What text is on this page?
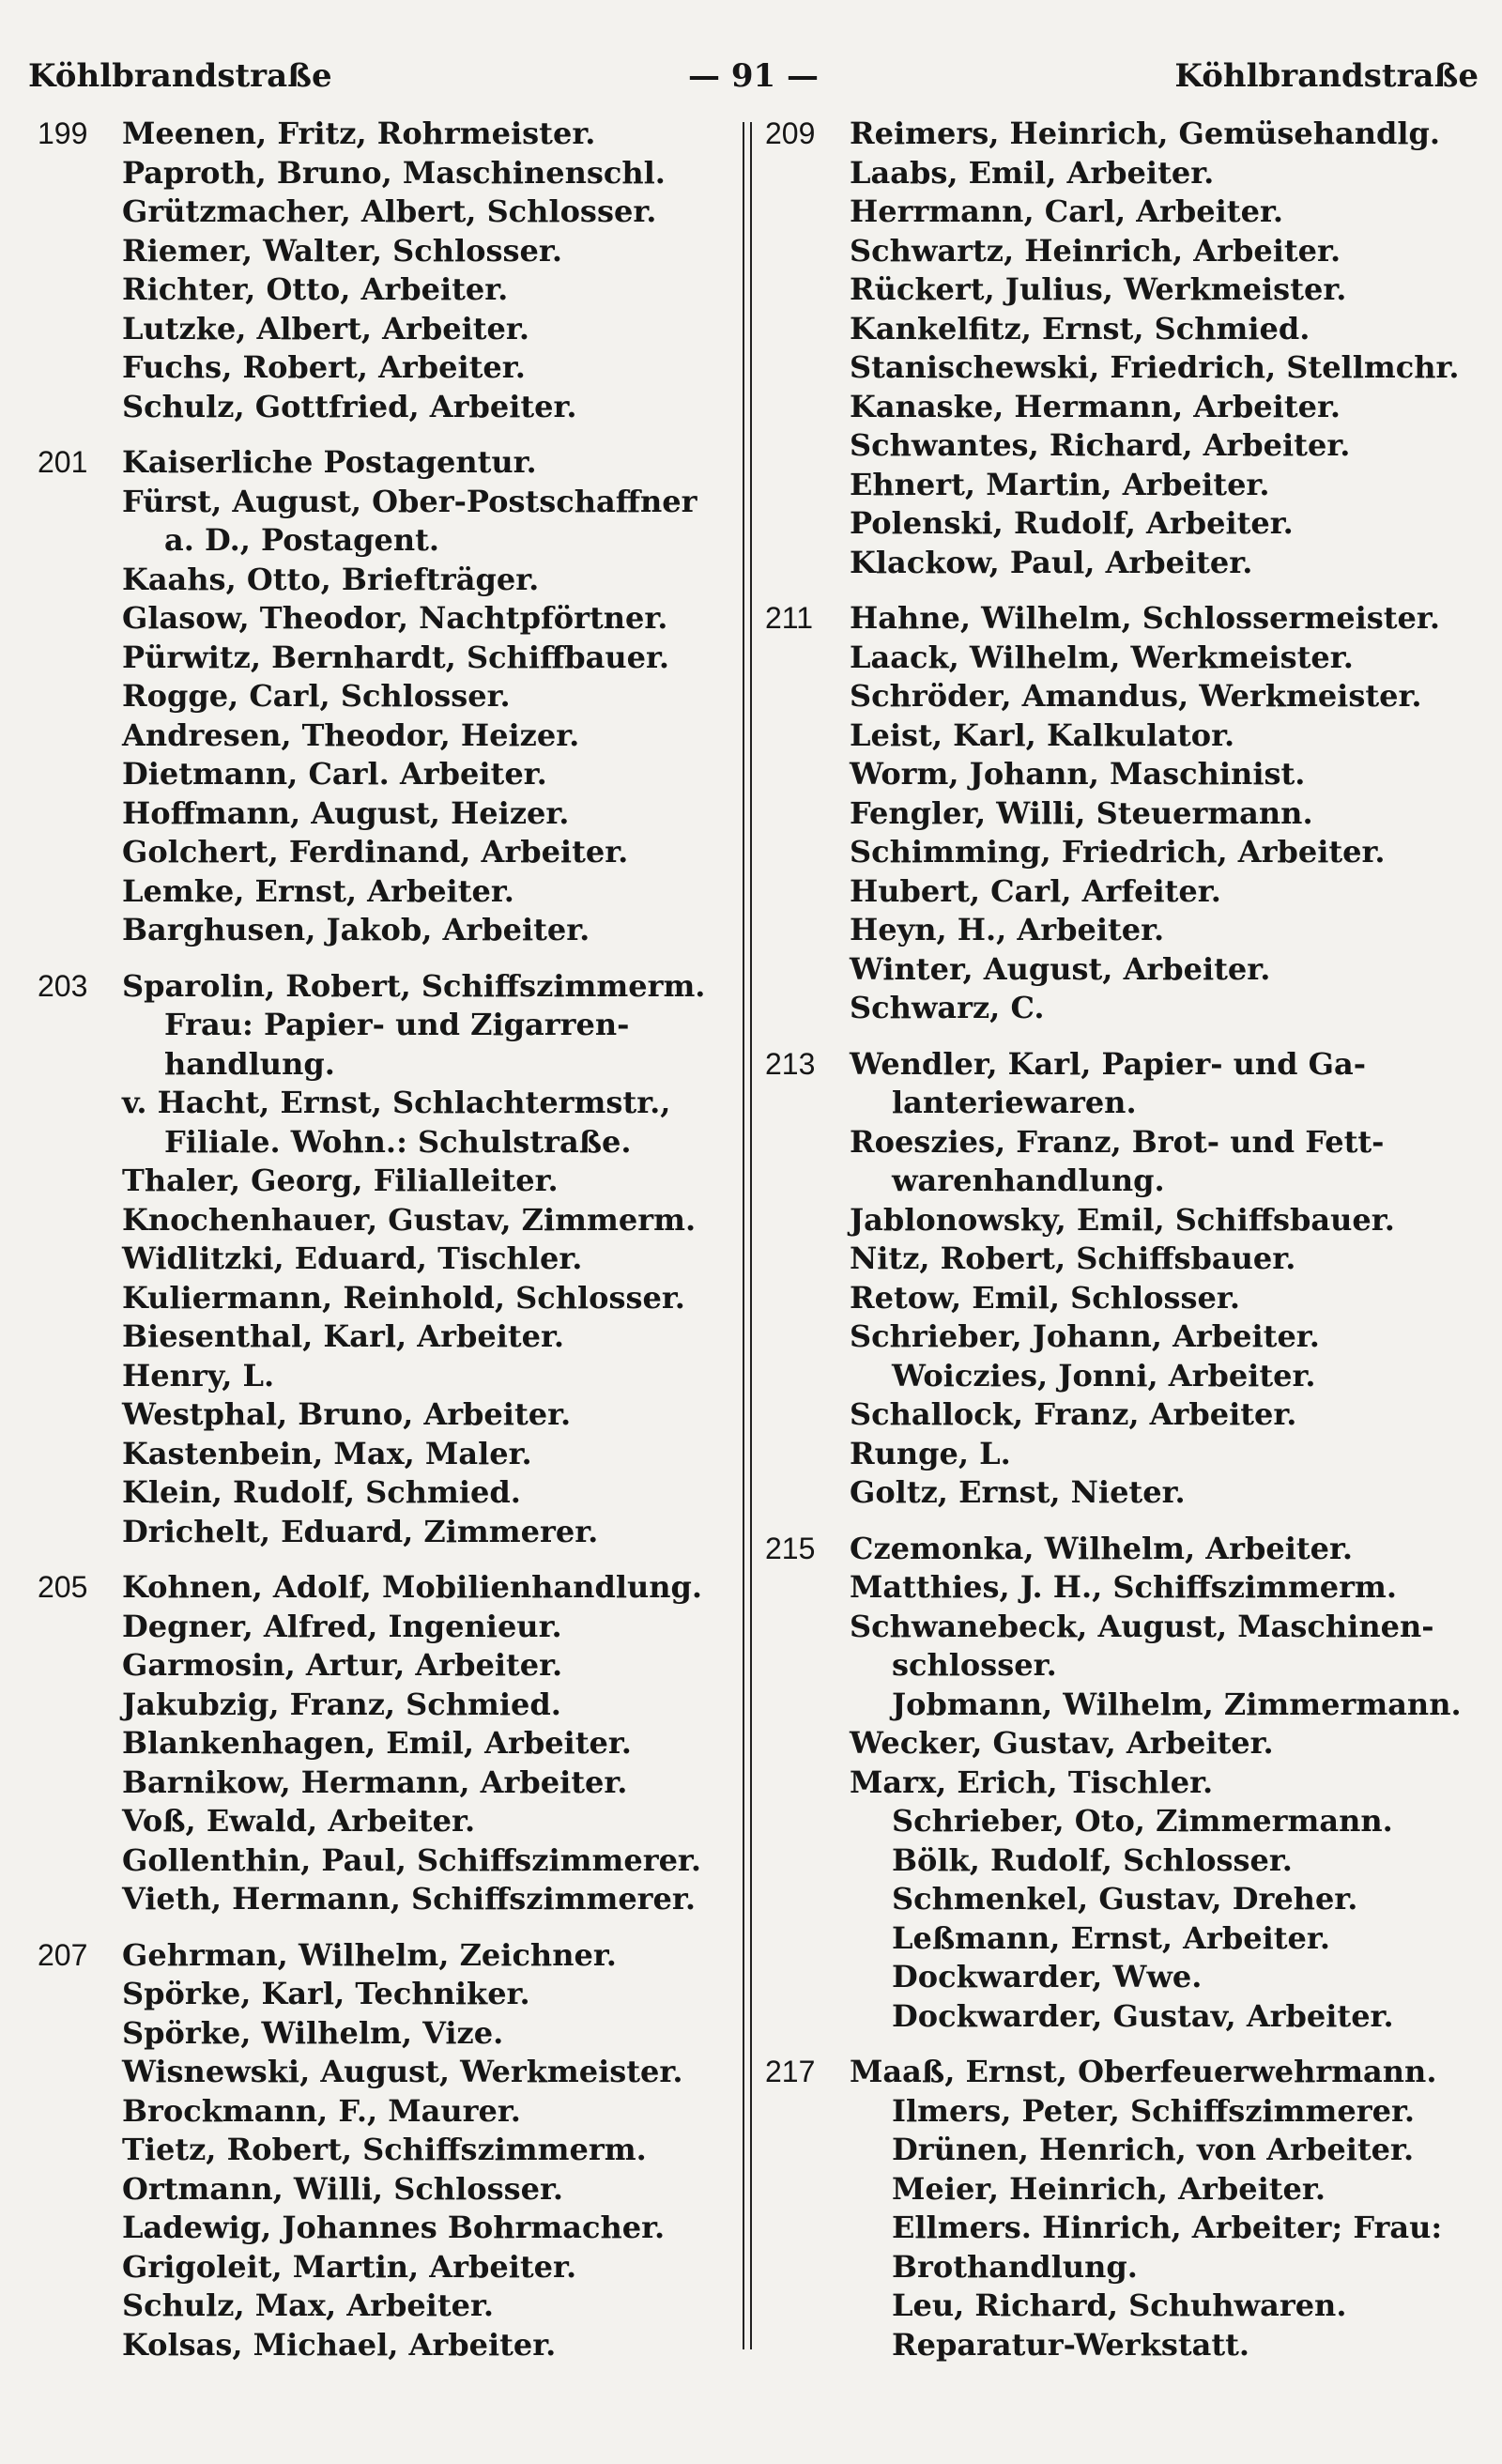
Köhlbrandstraße	— 91 —	Köhlbrandstraße
199 Meenen, Fritz, Rohrmeister.
Paproth, Bruno, Maschinenschl.
Grützmacher, Albert, Schlosser.
Riemer, Walter, Schlosser.
Richter, Otto, Arbeiter.
Lutzke, Albert, Arbeiter.
Fuchs, Robert, Arbeiter.
Schulz, Gottfried, Arbeiter.
201 Kaiserliche Postagentur.
Fürst, August, Ober-Postschaffner
a. D., Postagent.
Kaahs, Otto, Briefträger.
Glasow, Theodor, Nachtpförtner.
Pürwitz, Bernhardt, Schiffbauer.
Rogge, Carl, Schlosser.
Andresen, Theodor, Heizer.
Dietmann, Carl. Arbeiter.
Hoffmann, August, Heizer.
Golchert, Ferdinand, Arbeiter.
Lemke, Ernst, Arbeiter.
Barghusen, Jakob, Arbeiter.
203 Sparolin, Robert, Schiffszimmerm.
Frau: Papier- und Zigarren-
handlung.
v. Hacht, Ernst, Schlachtermstr.,
Filiale. Wohn.: Schulstraße.
Thaler, Georg, Filialleiter.
Knochenhauer, Gustav, Zimmerm.
Widlitzki, Eduard, Tischler.
Kuliermann, Reinhold, Schlosser.
Biesenthal, Karl, Arbeiter.
Henry, L.
Westphal, Bruno, Arbeiter.
Kastenbein, Max, Maler.
Klein, Rudolf, Schmied.
Drichelt, Eduard, Zimmerer.
205 Kohnen, Adolf, Mobilienhandlung.
Degner, Alfred, Ingenieur.
Garmosin, Artur, Arbeiter.
Jakubzig, Franz, Schmied.
Blankenhagen, Emil, Arbeiter.
Barnikow, Hermann, Arbeiter.
Voß, Ewald, Arbeiter.
Gollenthin, Paul, Schiffszimmerer.
Vieth, Hermann, Schiffszimmerer.
207 Gehrman, Wilhelm, Zeichner.
Spörke, Karl, Techniker.
Spörke, Wilhelm, Vize.
Wisnewski, August, Werkmeister.
Brockmann, F., Maurer.
Tietz, Robert, Schiffszimmerm.
Ortmann, Willi, Schlosser.
Ladewig, Johannes Bohrmacher.
Grigoleit, Martin, Arbeiter.
Schulz, Max, Arbeiter.
Kolsas, Michael, Arbeiter.
209 Reimers, Heinrich, Gemüsehandlg.
Laabs, Emil, Arbeiter.
Herrmann, Carl, Arbeiter.
Schwartz, Heinrich, Arbeiter.
Rückert, Julius, Werkmeister.
Kankelfitz, Ernst, Schmied.
Stanischewski, Friedrich, Stellmchr.
Kanaske, Hermann, Arbeiter.
Schwantes, Richard, Arbeiter.
Ehnert, Martin, Arbeiter.
Polenski, Rudolf, Arbeiter.
Klackow, Paul, Arbeiter.
211 Hahne, Wilhelm, Schlossermeister.
Laack, Wilhelm, Werkmeister.
Schröder, Amandus, Werkmeister.
Leist, Karl, Kalkulator.
Worm, Johann, Maschinist.
Fengler, Willi, Steuermann.
Schimming, Friedrich, Arbeiter.
Hubert, Carl, Arfeiter.
Heyn, H., Arbeiter.
Winter, August, Arbeiter.
Schwarz, C.
213 Wendler, Karl, Papier- und Ga-
lanteriewaren.
Roeszies, Franz, Brot- und Fett-
warenhandlung.
Jablonowsky, Emil, Schiffsbauer.
Nitz, Robert, Schiffsbauer.
Retow, Emil, Schlosser.
Schrieber, Johann, Arbeiter.
Woiczies, Jonni, Arbeiter.
Schallock, Franz, Arbeiter.
Runge, L.
Goltz, Ernst, Nieter.
215 Czemonka, Wilhelm, Arbeiter.
Matthies, J. H., Schiffszimmerm.
Schwanebeck, August, Maschinen-
schlosser.
Jobmann, Wilhelm, Zimmermann.
Wecker, Gustav, Arbeiter.
Marx, Erich, Tischler.
Schrieber, Oto, Zimmermann.
Bölk, Rudolf, Schlosser.
Schmenkel, Gustav, Dreher.
Leßmann, Ernst, Arbeiter.
Dockwarder, Wwe.
Dockwarder, Gustav, Arbeiter.
217 Maaß, Ernst, Oberfeuerwehrmann.
Ilmers, Peter, Schiffszimmerer.
Drünen, Henrich, von Arbeiter.
Meier, Heinrich, Arbeiter.
Ellmers. Hinrich, Arbeiter; Frau:
Brothandlung.
Leu, Richard, Schuhwaren.
Reparatur-Werkstatt.
